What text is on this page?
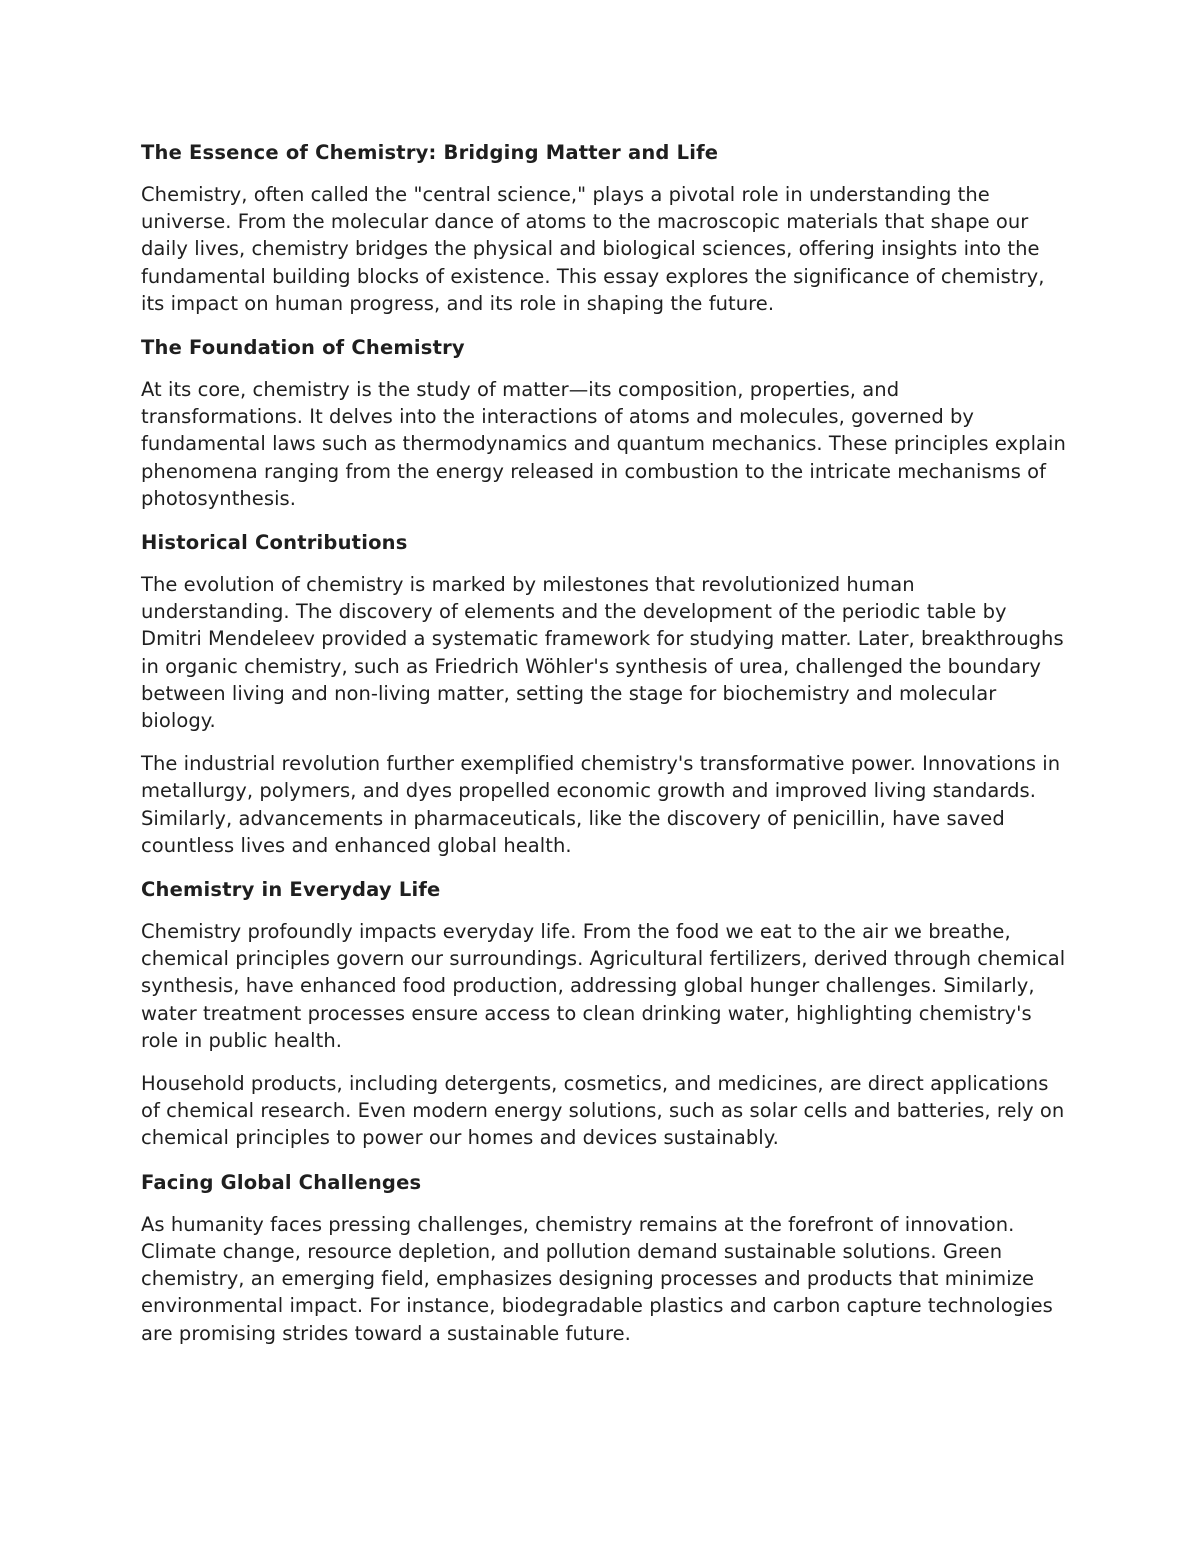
The Essence of Chemistry: Bridging Matter and Life

Chemistry, often called the "central science," plays a pivotal role in understanding the universe. From the molecular dance of atoms to the macroscopic materials that shape our daily lives, chemistry bridges the physical and biological sciences, offering insights into the fundamental building blocks of existence. This essay explores the significance of chemistry, its impact on human progress, and its role in shaping the future.

The Foundation of Chemistry

At its core, chemistry is the study of matter—its composition, properties, and transformations. It delves into the interactions of atoms and molecules, governed by fundamental laws such as thermodynamics and quantum mechanics. These principles explain phenomena ranging from the energy released in combustion to the intricate mechanisms of photosynthesis.

Historical Contributions

The evolution of chemistry is marked by milestones that revolutionized human understanding. The discovery of elements and the development of the periodic table by Dmitri Mendeleev provided a systematic framework for studying matter. Later, breakthroughs in organic chemistry, such as Friedrich Wöhler's synthesis of urea, challenged the boundary between living and non-living matter, setting the stage for biochemistry and molecular biology.

The industrial revolution further exemplified chemistry's transformative power. Innovations in metallurgy, polymers, and dyes propelled economic growth and improved living standards. Similarly, advancements in pharmaceuticals, like the discovery of penicillin, have saved countless lives and enhanced global health.

Chemistry in Everyday Life

Chemistry profoundly impacts everyday life. From the food we eat to the air we breathe, chemical principles govern our surroundings. Agricultural fertilizers, derived through chemical synthesis, have enhanced food production, addressing global hunger challenges. Similarly, water treatment processes ensure access to clean drinking water, highlighting chemistry's role in public health.

Household products, including detergents, cosmetics, and medicines, are direct applications of chemical research. Even modern energy solutions, such as solar cells and batteries, rely on chemical principles to power our homes and devices sustainably.

Facing Global Challenges

As humanity faces pressing challenges, chemistry remains at the forefront of innovation. Climate change, resource depletion, and pollution demand sustainable solutions. Green chemistry, an emerging field, emphasizes designing processes and products that minimize environmental impact. For instance, biodegradable plastics and carbon capture technologies are promising strides toward a sustainable future.
